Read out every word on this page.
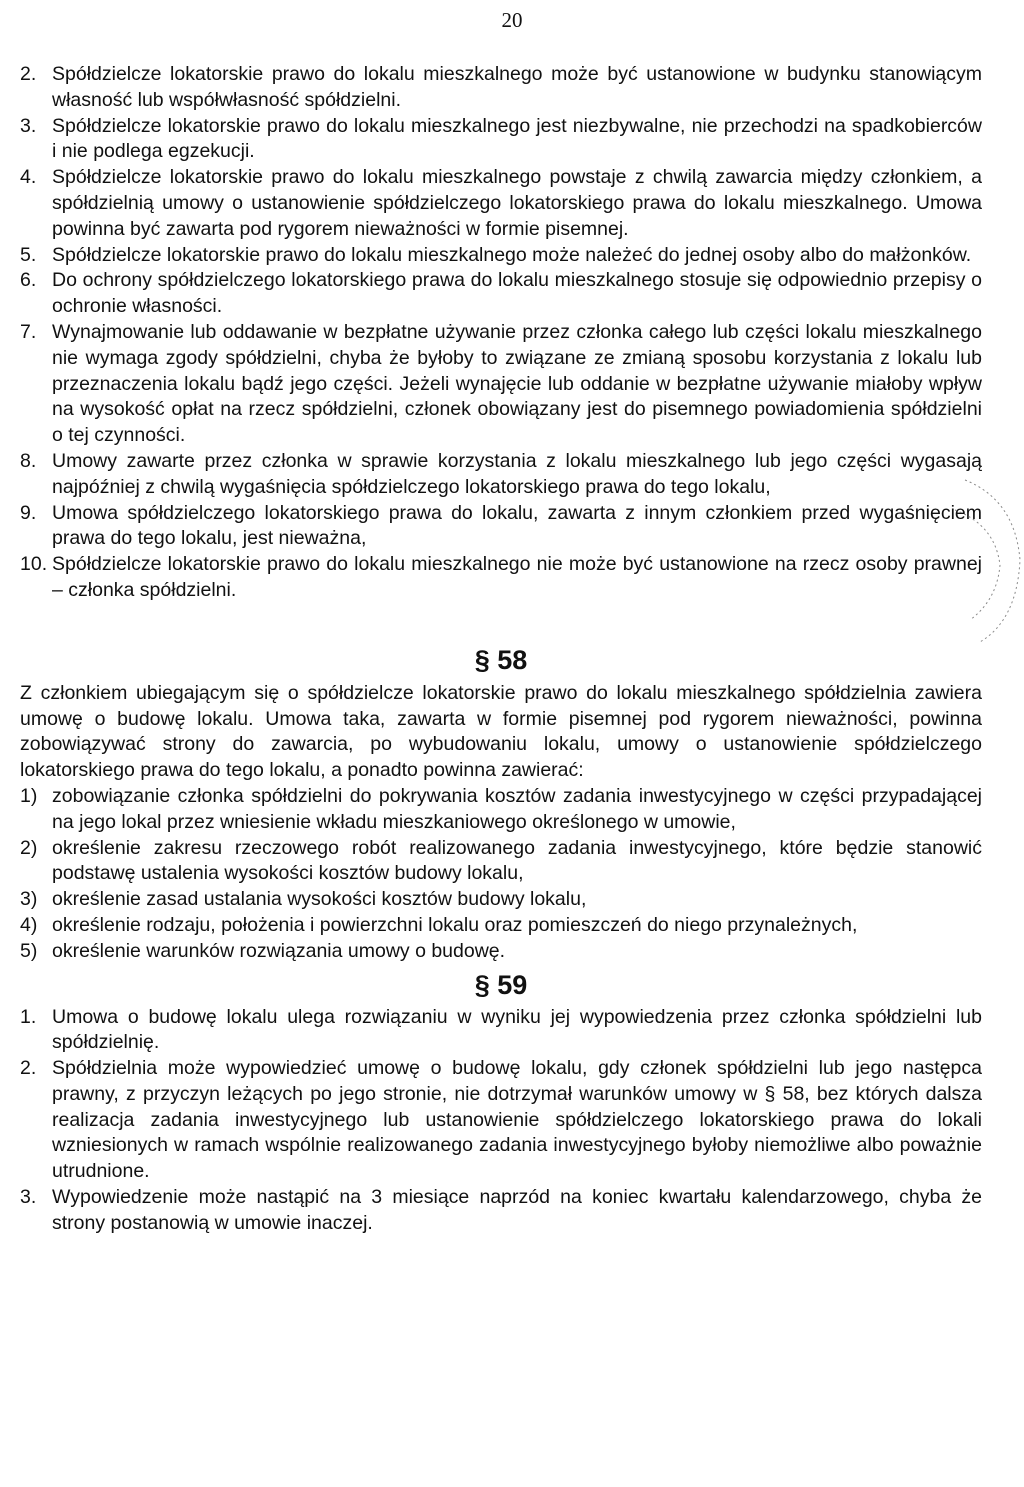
20
2. Spółdzielcze lokatorskie prawo do lokalu mieszkalnego może być ustanowione w budynku stanowiącym własność lub współwłasność spółdzielni.
3. Spółdzielcze lokatorskie prawo do lokalu mieszkalnego jest niezbywalne, nie przechodzi na spadkobierców i nie podlega egzekucji.
4. Spółdzielcze lokatorskie prawo do lokalu mieszkalnego powstaje z chwilą zawarcia między członkiem, a spółdzielnią umowy o ustanowienie spółdzielczego lokatorskiego prawa do lokalu mieszkalnego. Umowa powinna być zawarta pod rygorem nieważności w formie pisemnej.
5. Spółdzielcze lokatorskie prawo do lokalu mieszkalnego może należeć do jednej osoby albo do małżonków.
6. Do ochrony spółdzielczego lokatorskiego prawa do lokalu mieszkalnego stosuje się odpowiednio przepisy o ochronie własności.
7. Wynajmowanie lub oddawanie w bezpłatne używanie przez członka całego lub części lokalu mieszkalnego nie wymaga zgody spółdzielni, chyba że byłoby to związane ze zmianą sposobu korzystania z lokalu lub przeznaczenia lokalu bądź jego części. Jeżeli wynajęcie lub oddanie w bezpłatne używanie miałoby wpływ na wysokość opłat na rzecz spółdzielni, członek obowiązany jest do pisemnego powiadomienia spółdzielni o tej czynności.
8. Umowy zawarte przez członka w sprawie korzystania z lokalu mieszkalnego lub jego części wygasają najpóźniej z chwilą wygaśnięcia spółdzielczego lokatorskiego prawa do tego lokalu,
9. Umowa spółdzielczego lokatorskiego prawa do lokalu, zawarta z innym członkiem przed wygaśnięciem prawa do tego lokalu, jest nieważna,
10. Spółdzielcze lokatorskie prawo do lokalu mieszkalnego nie może być ustanowione na rzecz osoby prawnej – członka spółdzielni.
§ 58
Z członkiem ubiegającym się o spółdzielcze lokatorskie prawo do lokalu mieszkalnego spółdzielnia zawiera umowę o budowę lokalu. Umowa taka, zawarta w formie pisemnej pod rygorem nieważności, powinna zobowiązywać strony do zawarcia, po wybudowaniu lokalu, umowy o ustanowienie spółdzielczego lokatorskiego prawa do tego lokalu, a ponadto powinna zawierać:
1) zobowiązanie członka spółdzielni do pokrywania kosztów zadania inwestycyjnego w części przypadającej na jego lokal przez wniesienie wkładu mieszkaniowego określonego w umowie,
2) określenie zakresu rzeczowego robót realizowanego zadania inwestycyjnego, które będzie stanowić podstawę ustalenia wysokości kosztów budowy lokalu,
3) określenie zasad ustalania wysokości kosztów budowy lokalu,
4) określenie rodzaju, położenia i powierzchni lokalu oraz pomieszczeń do niego przynależnych,
5) określenie warunków rozwiązania umowy o budowę.
§ 59
1. Umowa o budowę lokalu ulega rozwiązaniu w wyniku jej wypowiedzenia przez członka spółdzielni lub spółdzielnię.
2. Spółdzielnia może wypowiedzieć umowę o budowę lokalu, gdy członek spółdzielni lub jego następca prawny, z przyczyn leżących po jego stronie, nie dotrzymał warunków umowy w § 58, bez których dalsza realizacja zadania inwestycyjnego lub ustanowienie spółdzielczego lokatorskiego prawa do lokali wzniesionych w ramach wspólnie realizowanego zadania inwestycyjnego byłoby niemożliwe albo poważnie utrudnione.
3. Wypowiedzenie może nastąpić na 3 miesiące naprzód na koniec kwartału kalendarzowego, chyba że strony postanowią w umowie inaczej.
